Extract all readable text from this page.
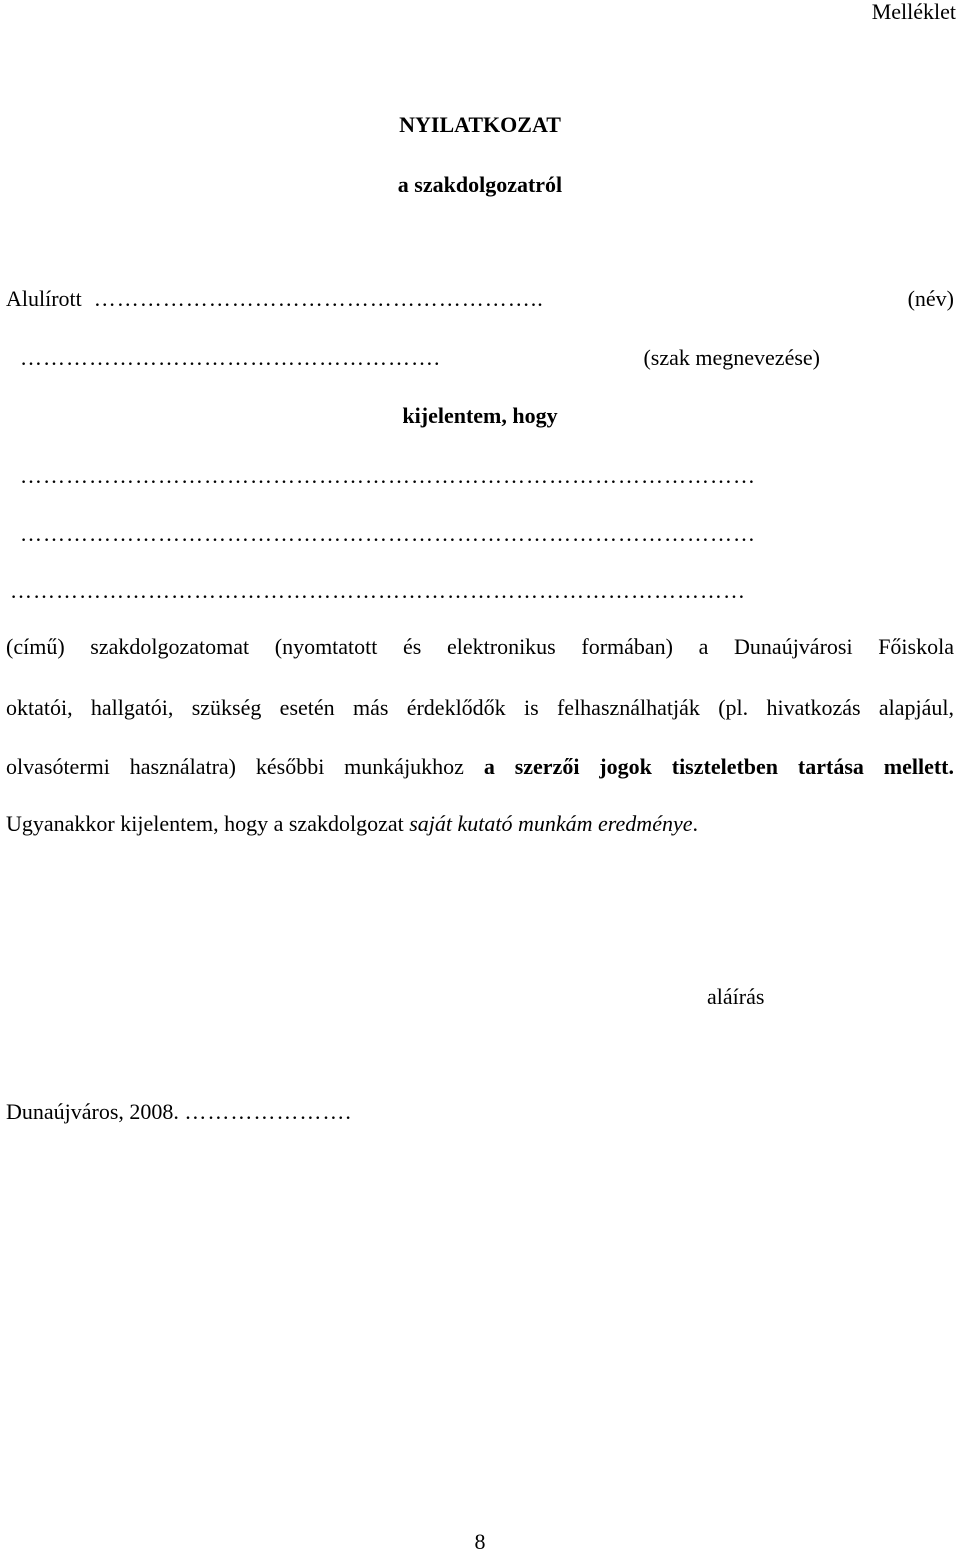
Melléklet
NYILATKOZAT
a szakdolgozatról
Alulírott …………………………………………………..	(név)
……………………………………………….	(szak megnevezése)
kijelentem, hogy
……………………………………………………………………………………
……………………………………………………………………………………
……………………………………………………………………………………
(című) szakdolgozatomat (nyomtatott és elektronikus formában) a Dunaújvárosi Főiskola
oktatói, hallgatói, szükség esetén más érdeklődők is felhasználhatják (pl. hivatkozás alapjául,
olvasótermi használatra) későbbi munkájukhoz a szerzői jogok tiszteletben tartása mellett.
Ugyanakkor kijelentem, hogy a szakdolgozat saját kutató munkám eredménye.
aláírás
Dunaújváros, 2008. ………………….
8
